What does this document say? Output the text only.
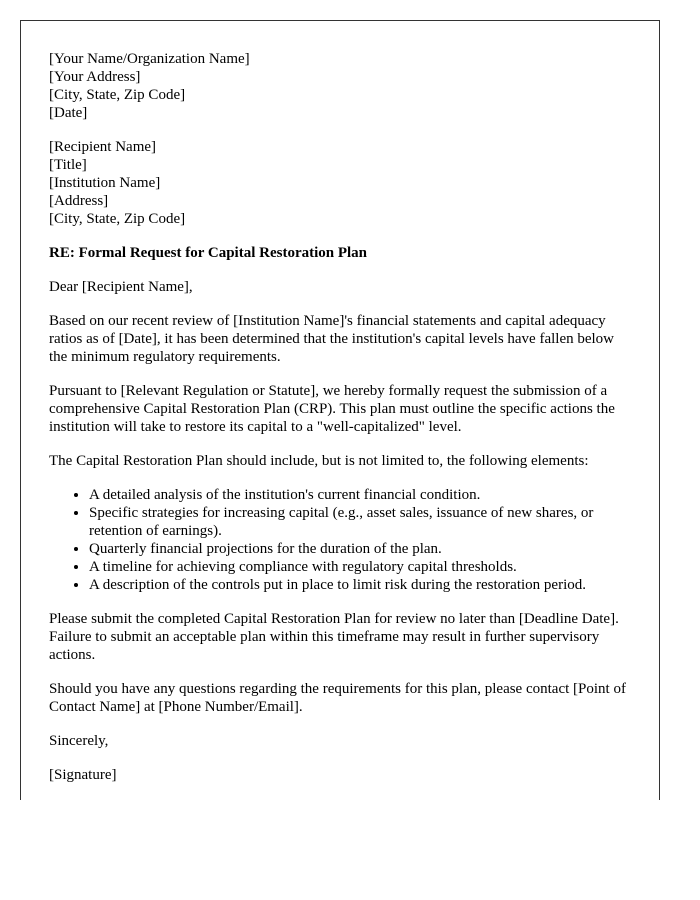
[Your Name/Organization Name]
[Your Address]
[City, State, Zip Code]
[Date]
[Recipient Name]
[Title]
[Institution Name]
[Address]
[City, State, Zip Code]
RE: Formal Request for Capital Restoration Plan

Dear [Recipient Name],

Based on our recent review of [Institution Name]'s financial statements and capital adequacy ratios as of [Date], it has been determined that the institution's capital levels have fallen below the minimum regulatory requirements.

Pursuant to [Relevant Regulation or Statute], we hereby formally request the submission of a comprehensive Capital Restoration Plan (CRP). This plan must outline the specific actions the institution will take to restore its capital to a "well-capitalized" level.

The Capital Restoration Plan should include, but is not limited to, the following elements:

• A detailed analysis of the institution's current financial condition.
• Specific strategies for increasing capital (e.g., asset sales, issuance of new shares, or retention of earnings).
• Quarterly financial projections for the duration of the plan.
• A timeline for achieving compliance with regulatory capital thresholds.
• A description of the controls put in place to limit risk during the restoration period.

Please submit the completed Capital Restoration Plan for review no later than [Deadline Date]. Failure to submit an acceptable plan within this timeframe may result in further supervisory actions.

Should you have any questions regarding the requirements for this plan, please contact [Point of Contact Name] at [Phone Number/Email].

Sincerely,

[Signature]
